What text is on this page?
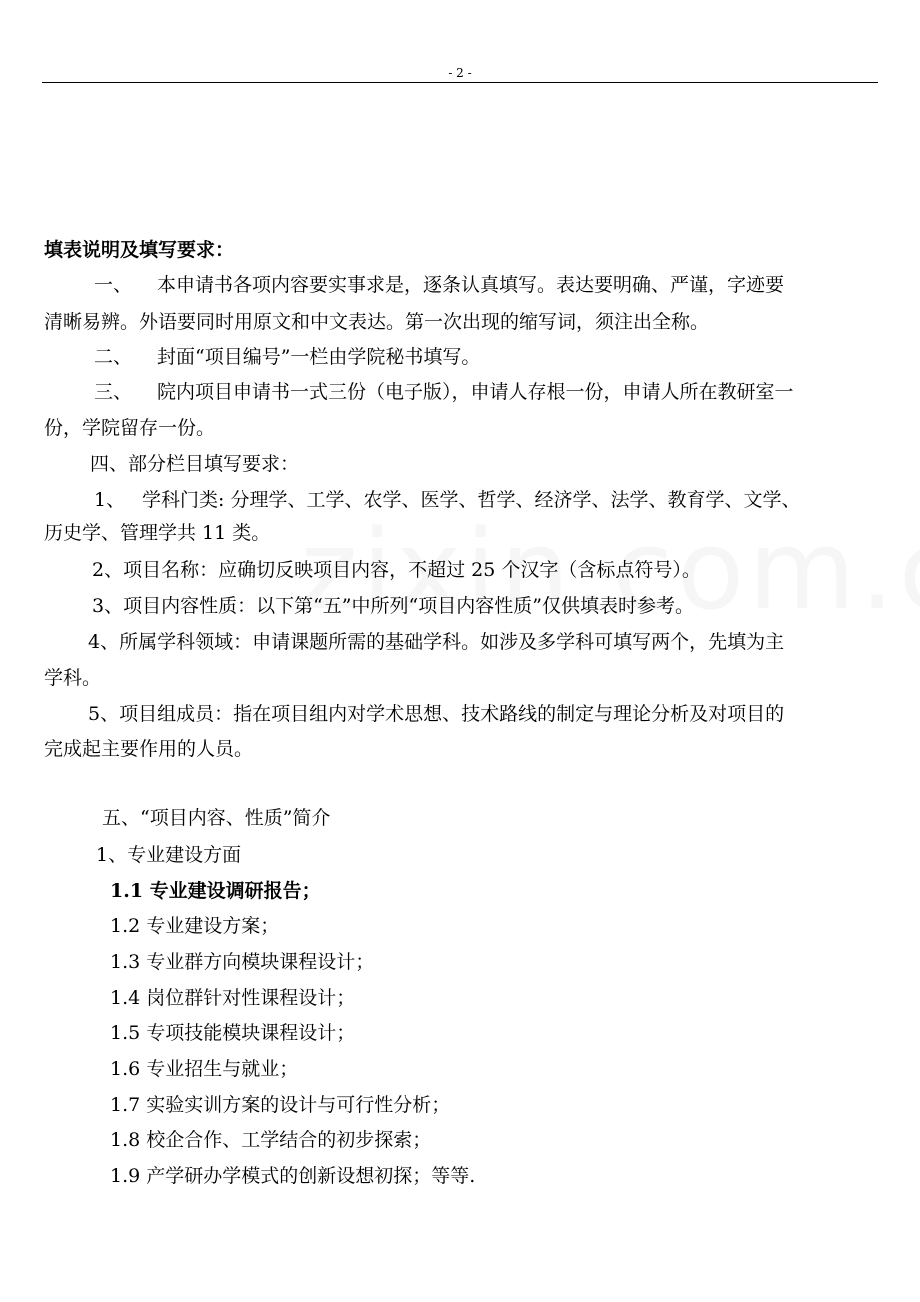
- 2 -
填表说明及填写要求：
一、 本申请书各项内容要实事求是，逐条认真填写。表达要明确、严谨，字迹要
清晰易辨。外语要同时用原文和中文表达。第一次出现的缩写词，须注出全称。
二、 封面“项目编号”一栏由学院秘书填写。
三、 院内项目申请书一式三份（电子版），申请人存根一份，申请人所在教研室一
份，学院留存一份。
四、部分栏目填写要求：
1、 学科门类: 分理学、工学、农学、医学、哲学、经济学、法学、教育学、文学、
历史学、管理学共 11 类。
2、项目名称：应确切反映项目内容，不超过 25 个汉字（含标点符号）。
3、项目内容性质：以下第“五”中所列“项目内容性质”仅供填表时参考。
4、所属学科领域：申请课题所需的基础学科。如涉及多学科可填写两个，先填为主
学科。
5、项目组成员：指在项目组内对学术思想、技术路线的制定与理论分析及对项目的
完成起主要作用的人员。
五、“项目内容、性质”简介
1、专业建设方面
1.1 专业建设调研报告；
1.2 专业建设方案；
1.3 专业群方向模块课程设计；
1.4 岗位群针对性课程设计；
1.5 专项技能模块课程设计；
1.6 专业招生与就业；
1.7 实验实训方案的设计与可行性分析；
1.8 校企合作、工学结合的初步探索；
1.9 产学研办学模式的创新设想初探；等等.
